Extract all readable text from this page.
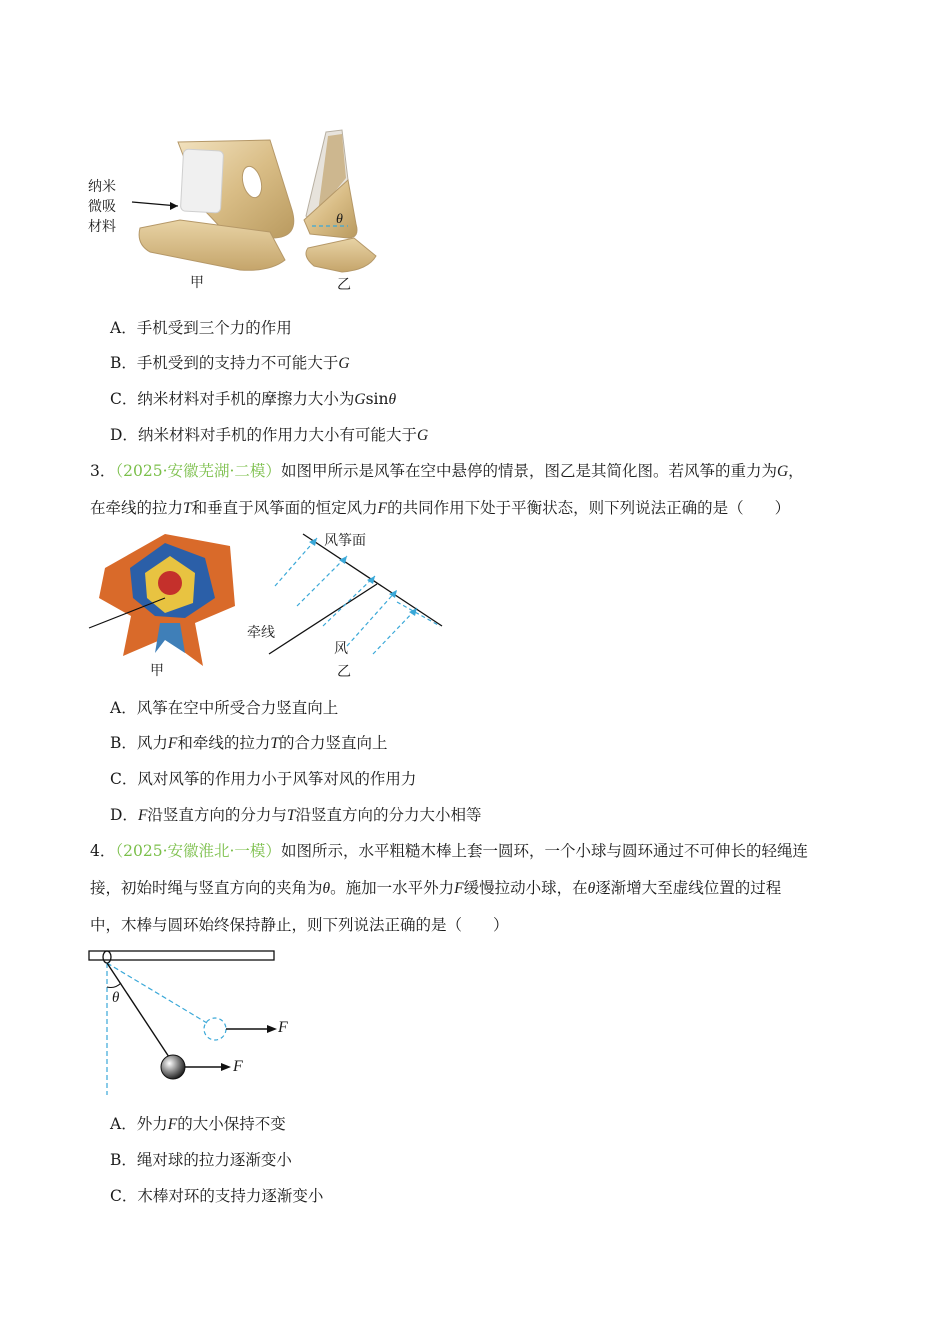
纳米
微吸
材料	θ
甲	乙
A．手机受到三个力的作用
B．手机受到的支持力不可能大于G
C．纳米材料对手机的摩擦力大小为Gsinθ
D．纳米材料对手机的作用力大小有可能大于G
3．（2025·安徽芜湖·二模）如图甲所示是风筝在空中悬停的情景，图乙是其简化图。若风筝的重力为G，
在牵线的拉力T和垂直于风筝面的恒定风力F的共同作用下处于平衡状态，则下列说法正确的是（　　）
风筝面
牵线
风
甲	乙
A．风筝在空中所受合力竖直向上
B．风力F和牵线的拉力T的合力竖直向上
C．风对风筝的作用力小于风筝对风的作用力
D．F沿竖直方向的分力与T沿竖直方向的分力大小相等
4．（2025·安徽淮北·一模）如图所示，水平粗糙木棒上套一圆环，一个小球与圆环通过不可伸长的轻绳连
接，初始时绳与竖直方向的夹角为θ。施加一水平外力F缓慢拉动小球，在θ逐渐增大至虚线位置的过程
中，木棒与圆环始终保持静止，则下列说法正确的是（　　）
θ
F
F
A．外力F的大小保持不变
B．绳对球的拉力逐渐变小
C．木棒对环的支持力逐渐变小
